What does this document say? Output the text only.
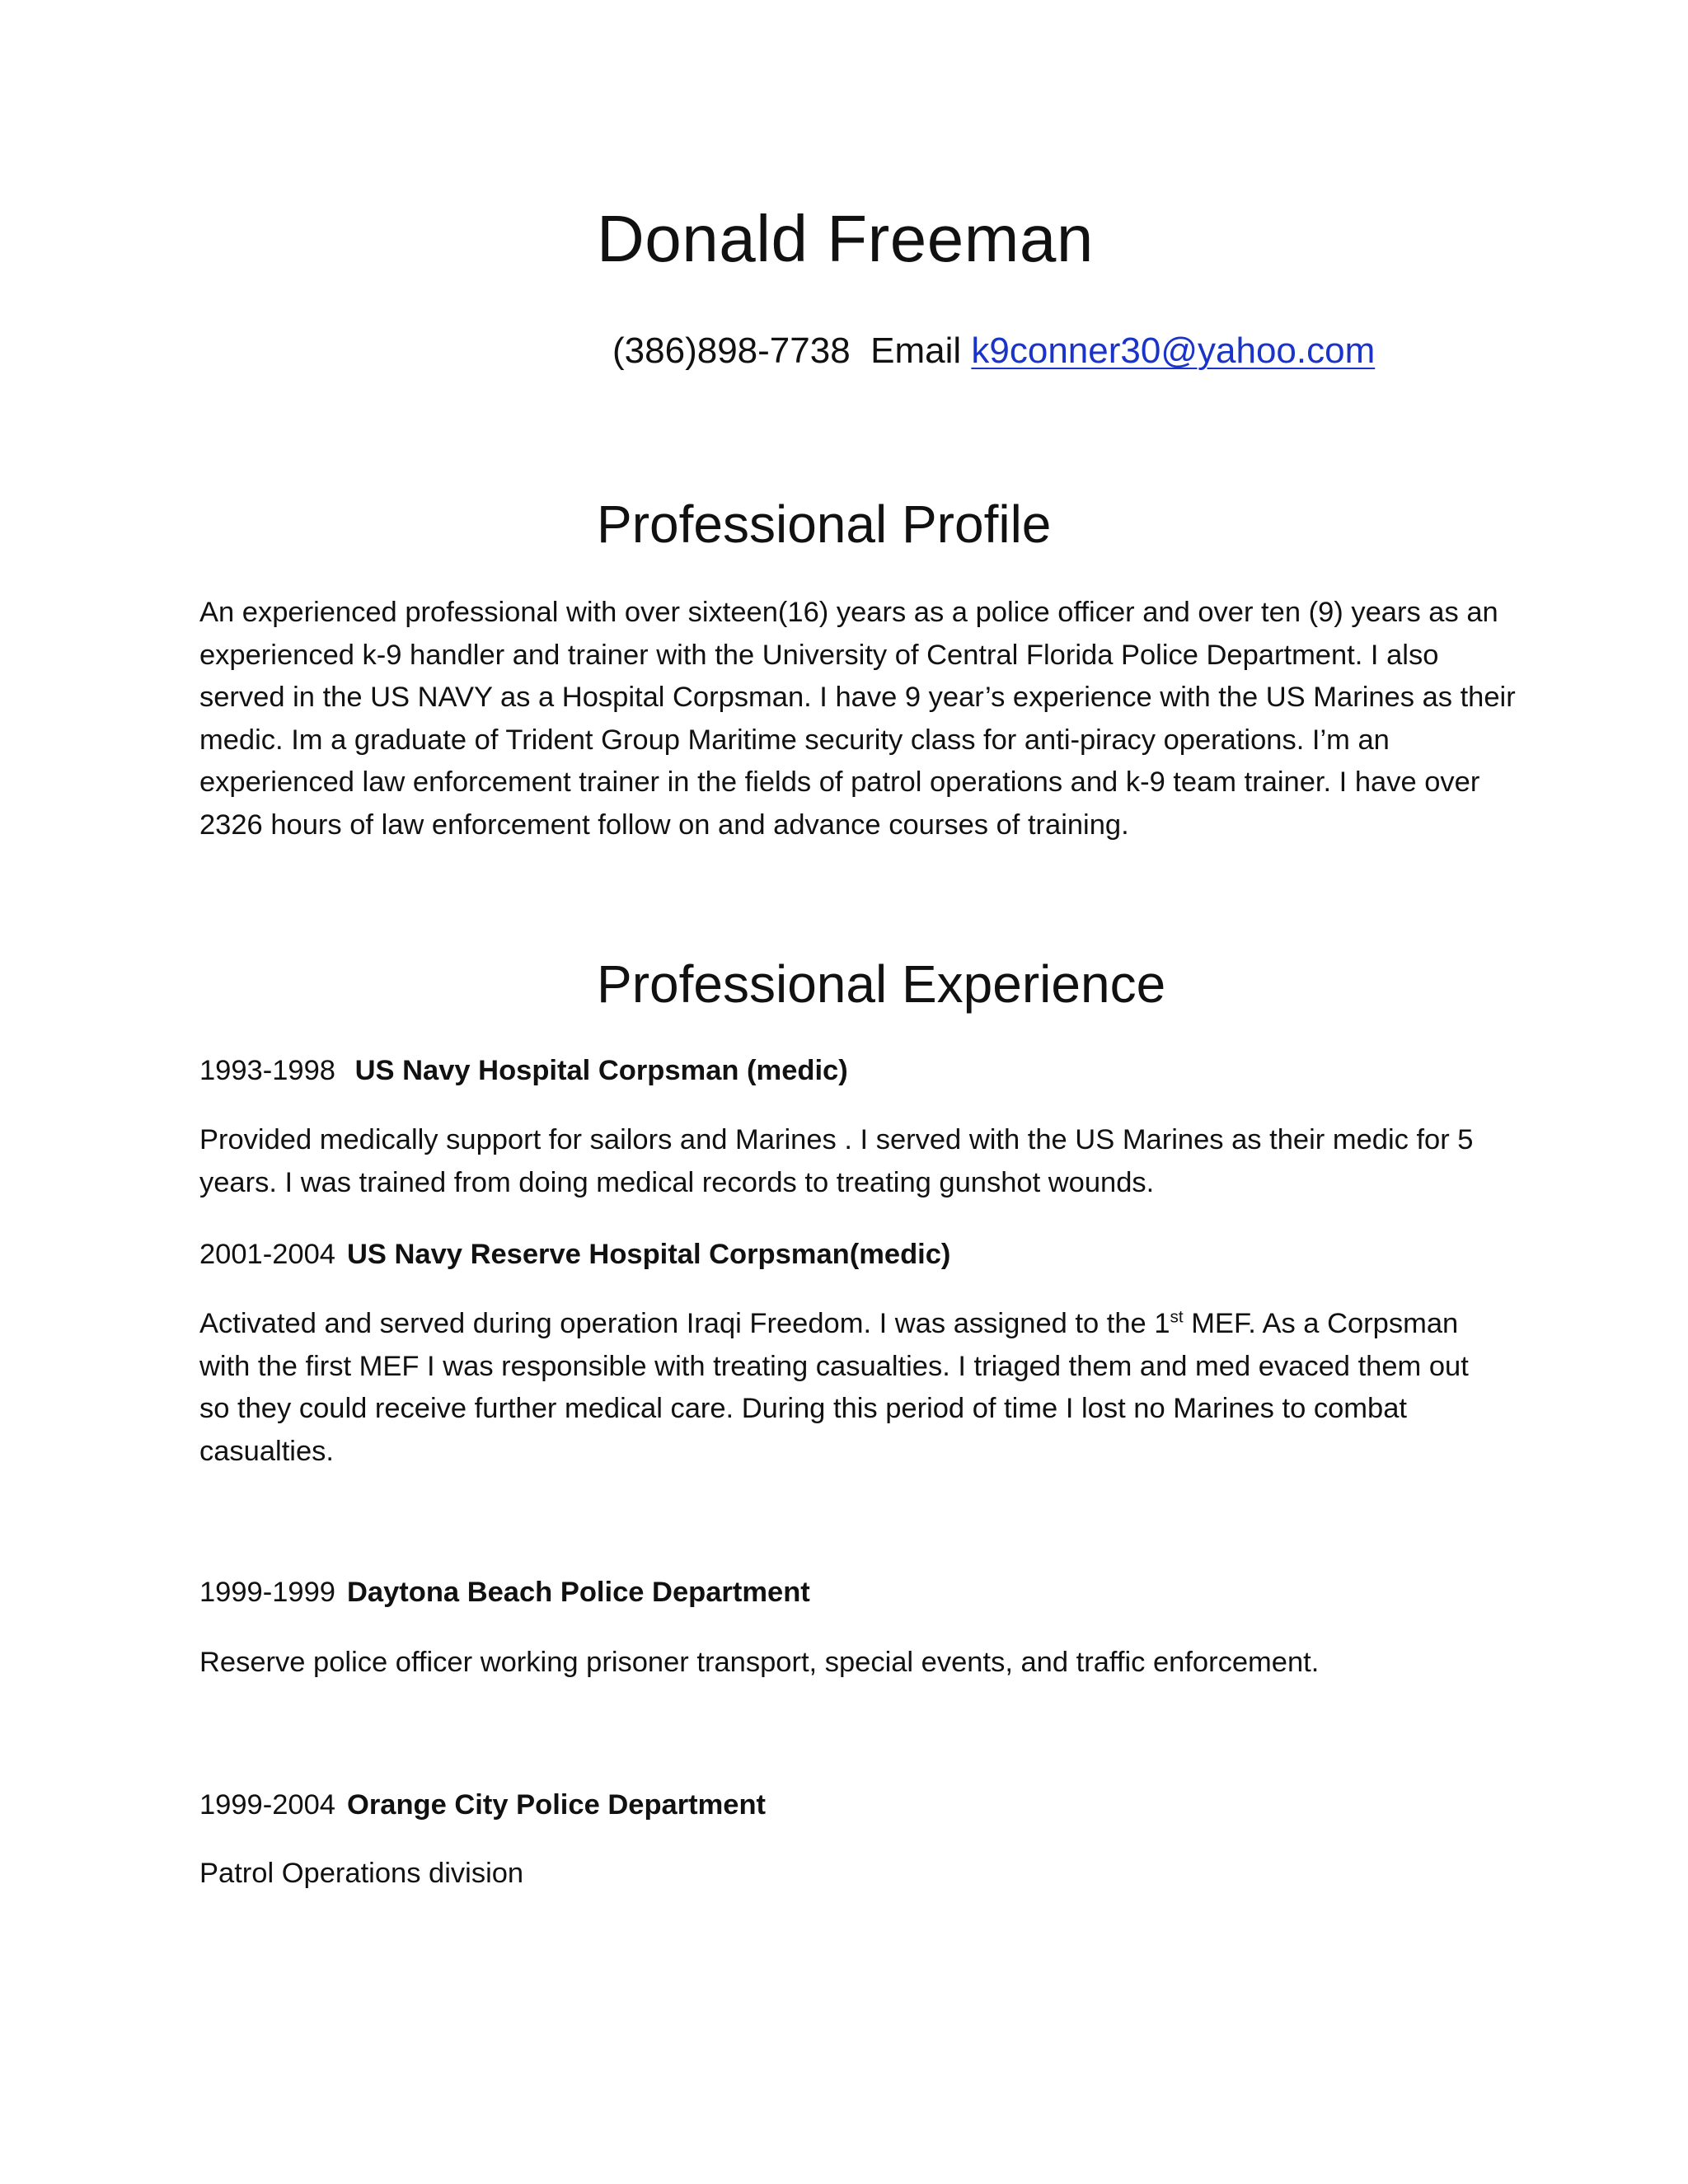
Donald Freeman
(386)898-7738 Email k9conner30@yahoo.com
Professional Profile
An experienced professional with over sixteen(16) years as a police officer and over ten (9) years as an
experienced k-9 handler and trainer with the University of Central Florida Police Department. I also
served in the US NAVY as a Hospital Corpsman. I have 9 year’s experience with the US Marines as their
medic. Im a graduate of Trident Group Maritime security class for anti-piracy operations. I’m an
experienced law enforcement trainer in the fields of patrol operations and k-9 team trainer. I have over
2326 hours of law enforcement follow on and advance courses of training.
Professional Experience
1993-1998 US Navy Hospital Corpsman (medic)
Provided medically support for sailors and Marines . I served with the US Marines as their medic for 5
years. I was trained from doing medical records to treating gunshot wounds.
2001-2004 US Navy Reserve Hospital Corpsman(medic)
Activated and served during operation Iraqi Freedom. I was assigned to the 1st MEF. As a Corpsman
with the first MEF I was responsible with treating casualties. I triaged them and med evaced them out
so they could receive further medical care. During this period of time I lost no Marines to combat
casualties.
1999-1999 Daytona Beach Police Department
Reserve police officer working prisoner transport, special events, and traffic enforcement.
1999-2004 Orange City Police Department
Patrol Operations division
